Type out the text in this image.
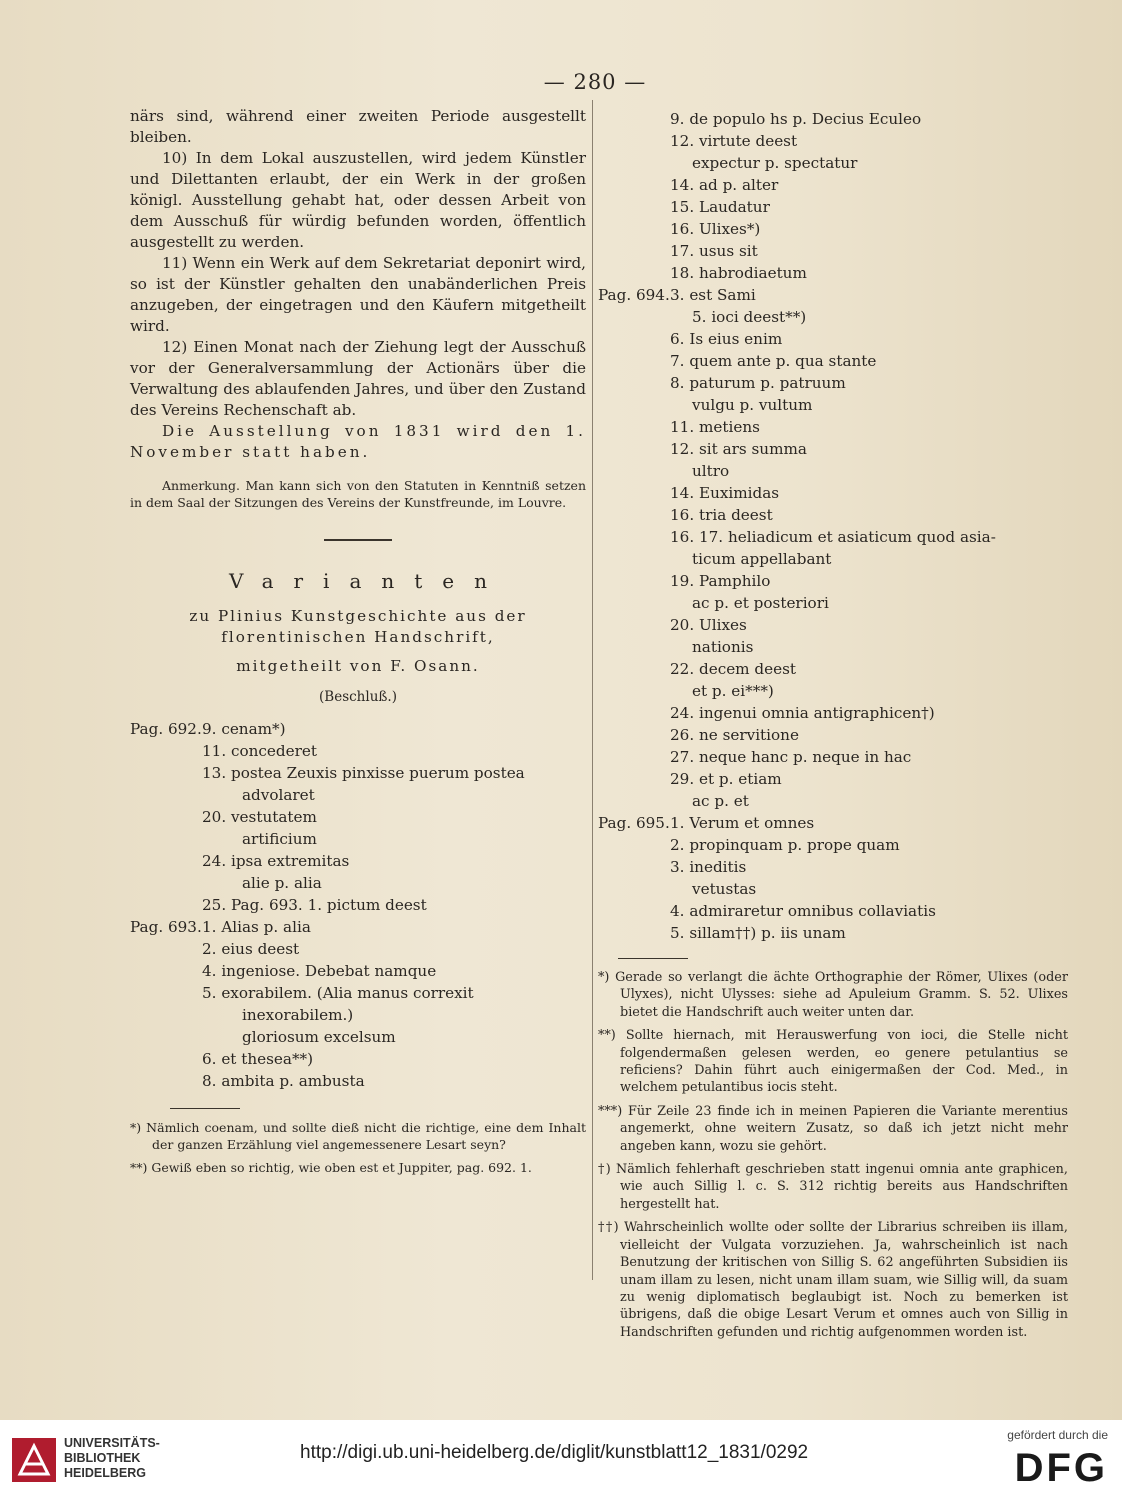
— 280 —

närs sind, während einer zweiten Periode ausgestellt bleiben.

10) In dem Lokal auszustellen, wird jedem Künstler und Dilettanten erlaubt, der ein Werk in der großen königl. Ausstellung gehabt hat, oder dessen Arbeit von dem Ausschuß für würdig befunden worden, öffentlich ausgestellt zu werden.

11) Wenn ein Werk auf dem Sekretariat deponirt wird, so ist der Künstler gehalten den unabänderlichen Preis anzugeben, der eingetragen und den Käufern mitgetheilt wird.

12) Einen Monat nach der Ziehung legt der Ausschuß vor der Generalversammlung der Actionärs über die Verwaltung des ablaufenden Jahres, und über den Zustand des Vereins Rechenschaft ab.

Die Ausstellung von 1831 wird den 1. November statt haben.

Anmerkung. Man kann sich von den Statuten in Kenntniß setzen in dem Saal der Sitzungen des Vereins der Kunstfreunde, im Louvre.

Varianten

zu Plinius Kunstgeschichte aus der florentinischen Handschrift,

mitgetheilt von F. Osann.

(Beschluß.)

Pag. 692. 9. cenam*)
11. concederet
13. postea Zeuxis pinxisse puerum postea
advolaret
20. vestutatem
artificium
24. ipsa extremitas
alie p. alia
25. Pag. 693. 1. pictum deest
Pag. 693. 1. Alias p. alia
2. eius deest
4. ingeniose. Debebat namque
5. exorabilem. (Alia manus correxit
inexorabilem.)
gloriosum excelsum
6. et thesea**)
8. ambita p. ambusta

*) Nämlich coenam, und sollte dieß nicht die richtige, eine dem Inhalt der ganzen Erzählung viel angemessenere Lesart seyn?

**) Gewiß eben so richtig, wie oben est et Juppiter, pag. 692. 1.

9. de populo hs p. Decius Eculeo
12. virtute deest
expectur p. spectatur
14. ad p. alter
15. Laudatur
16. Ulixes*)
17. usus sit
18. habrodiaetum
Pag. 694. 3. est Sami
5. ioci deest**)
6. Is eius enim
7. quem ante p. qua stante
8. paturum p. patruum
vulgu p. vultum
11. metiens
12. sit ars summa
ultro
14. Euximidas
16. tria deest
16. 17. heliadicum et asiaticum quod asia-
ticum appellabant
19. Pamphilo
ac p. et posteriori
20. Ulixes
nationis
22. decem deest
et p. ei***)
24. ingenui omnia antigraphicen†)
26. ne servitione
27. neque hanc p. neque in hac
29. et p. etiam
ac p. et
Pag. 695. 1. Verum et omnes
2. propinquam p. prope quam
3. ineditis
vetustas
4. admiraretur omnibus collaviatis
5. sillam††) p. iis unam

*) Gerade so verlangt die ächte Orthographie der Römer, Ulixes (oder Ulyxes), nicht Ulysses: siehe ad Apuleium Gramm. S. 52. Ulixes bietet die Handschrift auch weiter unten dar.

**) Sollte hiernach, mit Herauswerfung von ioci, die Stelle nicht folgendermaßen gelesen werden, eo genere petulantius se reficiens? Dahin führt auch einigermaßen der Cod. Med., in welchem petulantibus iocis steht.

***) Für Zeile 23 finde ich in meinen Papieren die Variante merentius angemerkt, ohne weitern Zusatz, so daß ich jetzt nicht mehr angeben kann, wozu sie gehört.

†) Nämlich fehlerhaft geschrieben statt ingenui omnia ante graphicen, wie auch Sillig l. c. S. 312 richtig bereits aus Handschriften hergestellt hat.

††) Wahrscheinlich wollte oder sollte der Librarius schreiben iis illam, vielleicht der Vulgata vorzuziehen. Ja, wahrscheinlich ist nach Benutzung der kritischen von Sillig S. 62 angeführten Subsidien iis unam illam zu lesen, nicht unam illam suam, wie Sillig will, da suam zu wenig diplomatisch beglaubigt ist. Noch zu bemerken ist übrigens, daß die obige Lesart Verum et omnes auch von Sillig in Handschriften gefunden und richtig aufgenommen worden ist.

UNIVERSITÄTS-
BIBLIOTHEK
HEIDELBERG
http://digi.ub.uni-heidelberg.de/diglit/kunstblatt12_1831/0292
gefördert durch die
DFG
